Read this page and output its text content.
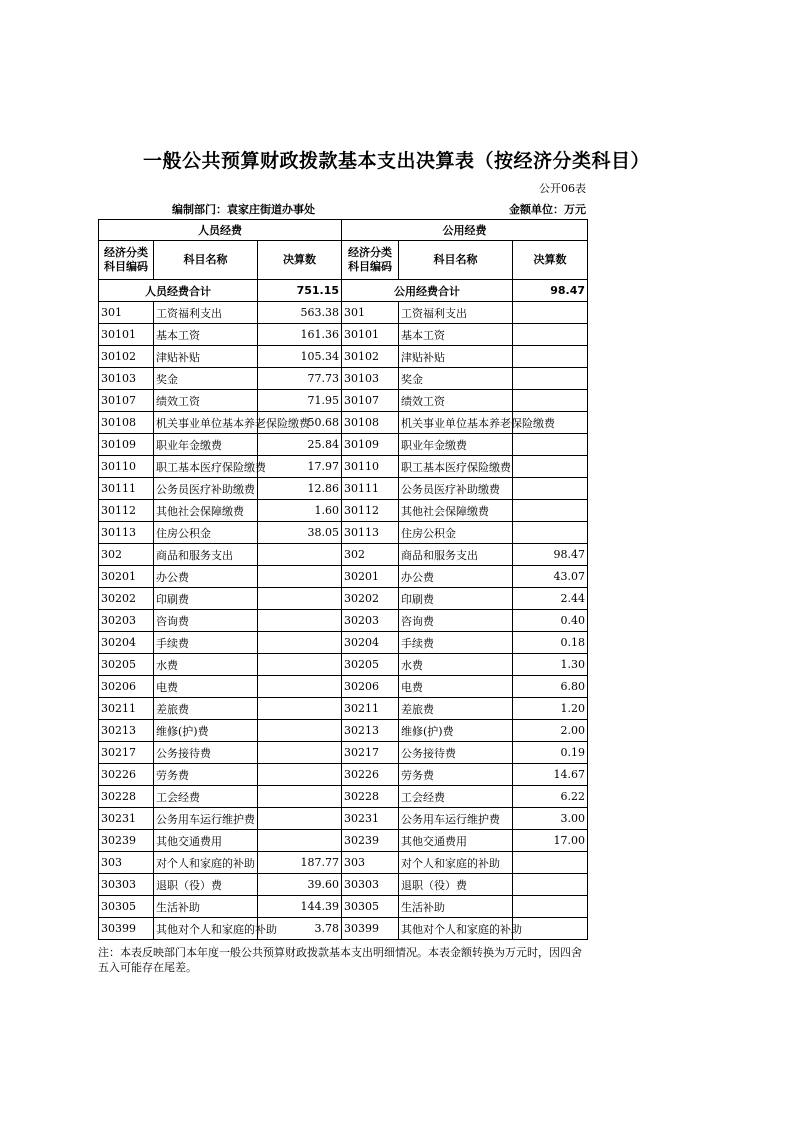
一般公共预算财政拨款基本支出决算表（按经济分类科目）
公开06表
编制部门：袁家庄街道办事处	金额单位：万元
人员经费			公用经费		
经济分类科目编码	科目名称	决算数	经济分类科目编码	科目名称	决算数
人员经费合计		751.15	公用经费合计		98.47
301	工资福利支出	563.38	301	工资福利支出	
30101	基本工资	161.36	30101	基本工资	
30102	津贴补贴	105.34	30102	津贴补贴	
30103	奖金	77.73	30103	奖金	
30107	绩效工资	71.95	30107	绩效工资	
30108	机关事业单位基本养老保险缴费	50.68	30108	机关事业单位基本养老保险缴费	
30109	职业年金缴费	25.84	30109	职业年金缴费	
30110	职工基本医疗保险缴费	17.97	30110	职工基本医疗保险缴费	
30111	公务员医疗补助缴费	12.86	30111	公务员医疗补助缴费	
30112	其他社会保障缴费	1.60	30112	其他社会保障缴费	
30113	住房公积金	38.05	30113	住房公积金	
302	商品和服务支出		302	商品和服务支出	98.47
30201	办公费		30201	办公费	43.07
30202	印刷费		30202	印刷费	2.44
30203	咨询费		30203	咨询费	0.40
30204	手续费		30204	手续费	0.18
30205	水费		30205	水费	1.30
30206	电费		30206	电费	6.80
30211	差旅费		30211	差旅费	1.20
30213	维修(护)费		30213	维修(护)费	2.00
30217	公务接待费		30217	公务接待费	0.19
30226	劳务费		30226	劳务费	14.67
30228	工会经费		30228	工会经费	6.22
30231	公务用车运行维护费		30231	公务用车运行维护费	3.00
30239	其他交通费用		30239	其他交通费用	17.00
303	对个人和家庭的补助	187.77	303	对个人和家庭的补助	
30303	退职（役）费	39.60	30303	退职（役）费	
30305	生活补助	144.39	30305	生活补助	
30399	其他对个人和家庭的补助	3.78	30399	其他对个人和家庭的补助	
注：本表反映部门本年度一般公共预算财政拨款基本支出明细情况。本表金额转换为万元时，因四舍五入可能存在尾差。
